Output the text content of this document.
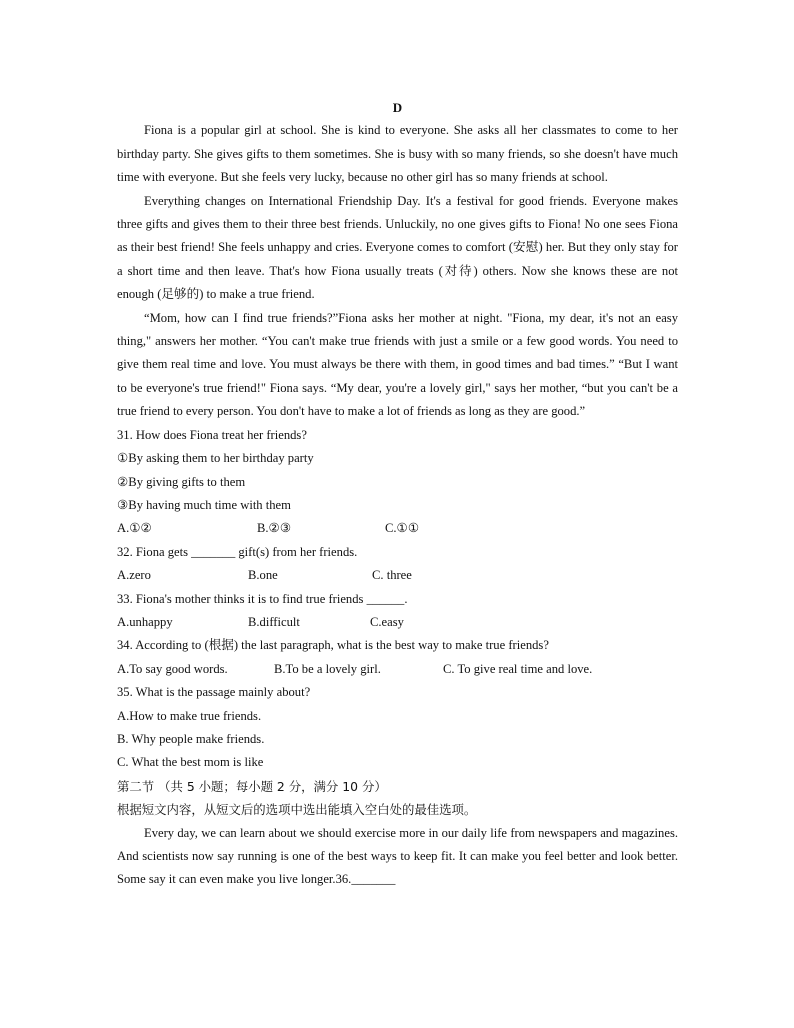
D

Fiona is a popular girl at school. She is kind to everyone. She asks all her classmates to come to her birthday party. She gives gifts to them sometimes. She is busy with so many friends, so she doesn't have much time with everyone. But she feels very lucky, because no other girl has so many friends at school.

Everything changes on International Friendship Day. It's a festival for good friends. Everyone makes three gifts and gives them to their three best friends. Unluckily, no one gives gifts to Fiona! No one sees Fiona as their best friend! She feels unhappy and cries. Everyone comes to comfort (安慰) her. But they only stay for a short time and then leave. That's how Fiona usually treats (对待) others. Now she knows these are not enough (足够的) to make a true friend.

“Mom, how can I find true friends?”Fiona asks her mother at night. "Fiona, my dear, it's not an easy thing," answers her mother. “You can't make true friends with just a smile or a few good words. You need to give them real time and love. You must always be there with them, in good times and bad times.” “But I want to be everyone's true friend!" Fiona says. “My dear, you're a lovely girl," says her mother, “but you can't be a true friend to every person. You don't have to make a lot of friends as long as they are good.”

31. How does Fiona treat her friends?

①By asking them to her birthday party

②By giving gifts to them

③By having much time with them

A.①②	B.②③	C.①①

32. Fiona gets _______ gift(s) from her friends.

A.zero	B.one	C. three

33. Fiona's mother thinks it is to find true friends ______.

A.unhappy	B.difficult	C.easy

34. According to (根据) the last paragraph, what is the best way to make true friends?

A.To say good words.	B.To be a lovely girl.	C. To give real time and love.

35. What is the passage mainly about?

A.How to make true friends.

B. Why people make friends.

C. What the best mom is like

第二节 （共 5 小题；每小题 2 分，满分 10 分）

根据短文内容，从短文后的选项中选出能填入空白处的最佳选项。

Every day, we can learn about we should exercise more in our daily life from newspapers and magazines. And scientists now say running is one of the best ways to keep fit. It can make you feel better and look better. Some say it can even make you live longer.36._______
